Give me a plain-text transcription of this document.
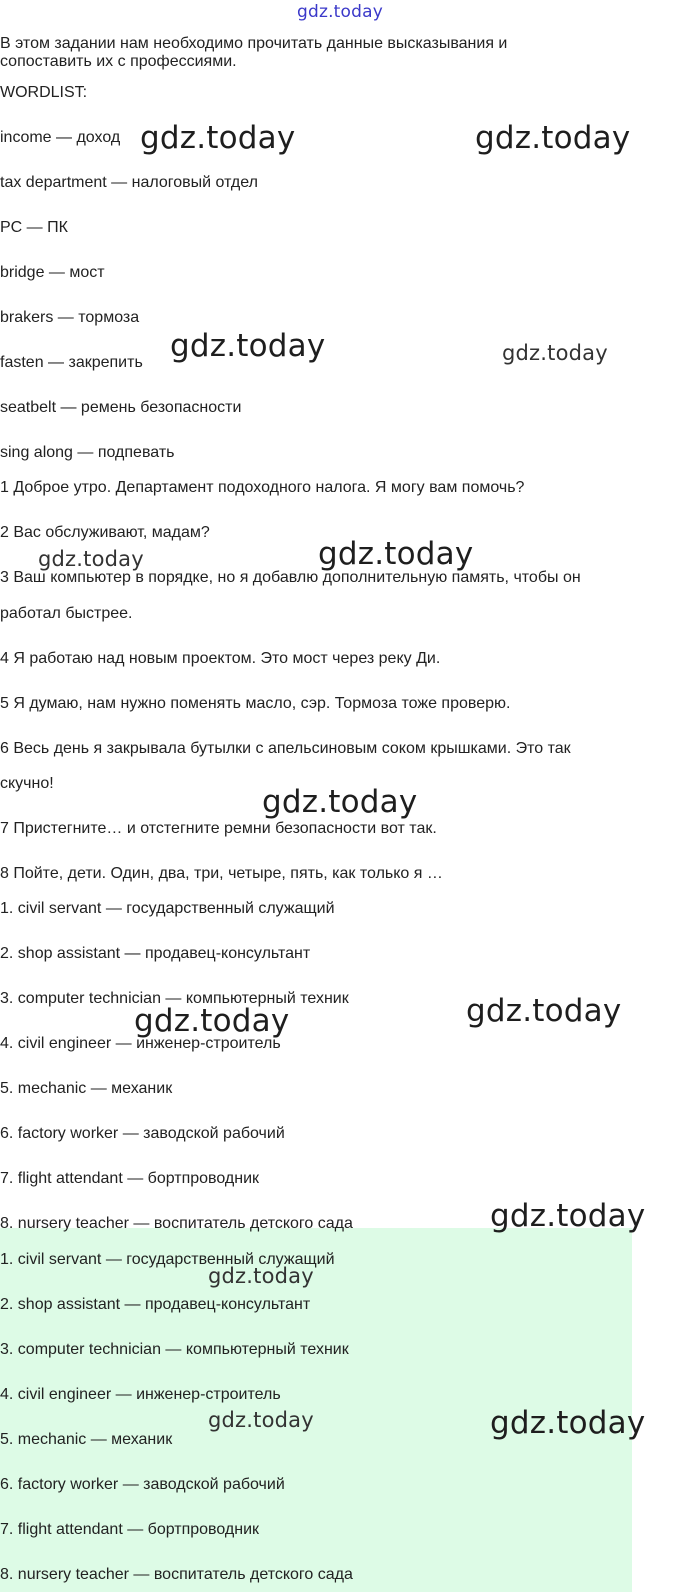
gdz.today
В этом задании нам необходимо прочитать данные высказывания и
сопоставить их с профессиями.
WORDLIST:
income — доход
tax department — налоговый отдел
PC — ПК
bridge — мост
brakers — тормоза
fasten — закрепить
seatbelt — ремень безопасности
sing along — подпевать
1 Доброе утро. Департамент подоходного налога. Я могу вам помочь?
2 Вас обслуживают, мадам?
3 Ваш компьютер в порядке, но я добавлю дополнительную память, чтобы он
работал быстрее.
4 Я работаю над новым проектом. Это мост через реку Ди.
5 Я думаю, нам нужно поменять масло, сэр. Тормоза тоже проверю.
6 Весь день я закрывала бутылки с апельсиновым соком крышками. Это так
скучно!
7 Пристегните… и отстегните ремни безопасности вот так.
8 Пойте, дети. Один, два, три, четыре, пять, как только я …
1. civil servant — государственный служащий
2. shop assistant — продавец-консультант
3. computer technician — компьютерный техник
4. civil engineer — инженер-строитель
5. mechanic — механик
6. factory worker — заводской рабочий
7. flight attendant — бортпроводник
8. nursery teacher — воспитатель детского сада
1. civil servant — государственный служащий
2. shop assistant — продавец-консультант
3. computer technician — компьютерный техник
4. civil engineer — инженер-строитель
5. mechanic — механик
6. factory worker — заводской рабочий
7. flight attendant — бортпроводник
8. nursery teacher — воспитатель детского сада
gdz.today	gdz.today
gdz.today	gdz.today
gdz.today	gdz.today
gdz.today
gdz.today
gdz.today
gdz.today
gdz.today
gdz.today	gdz.today
